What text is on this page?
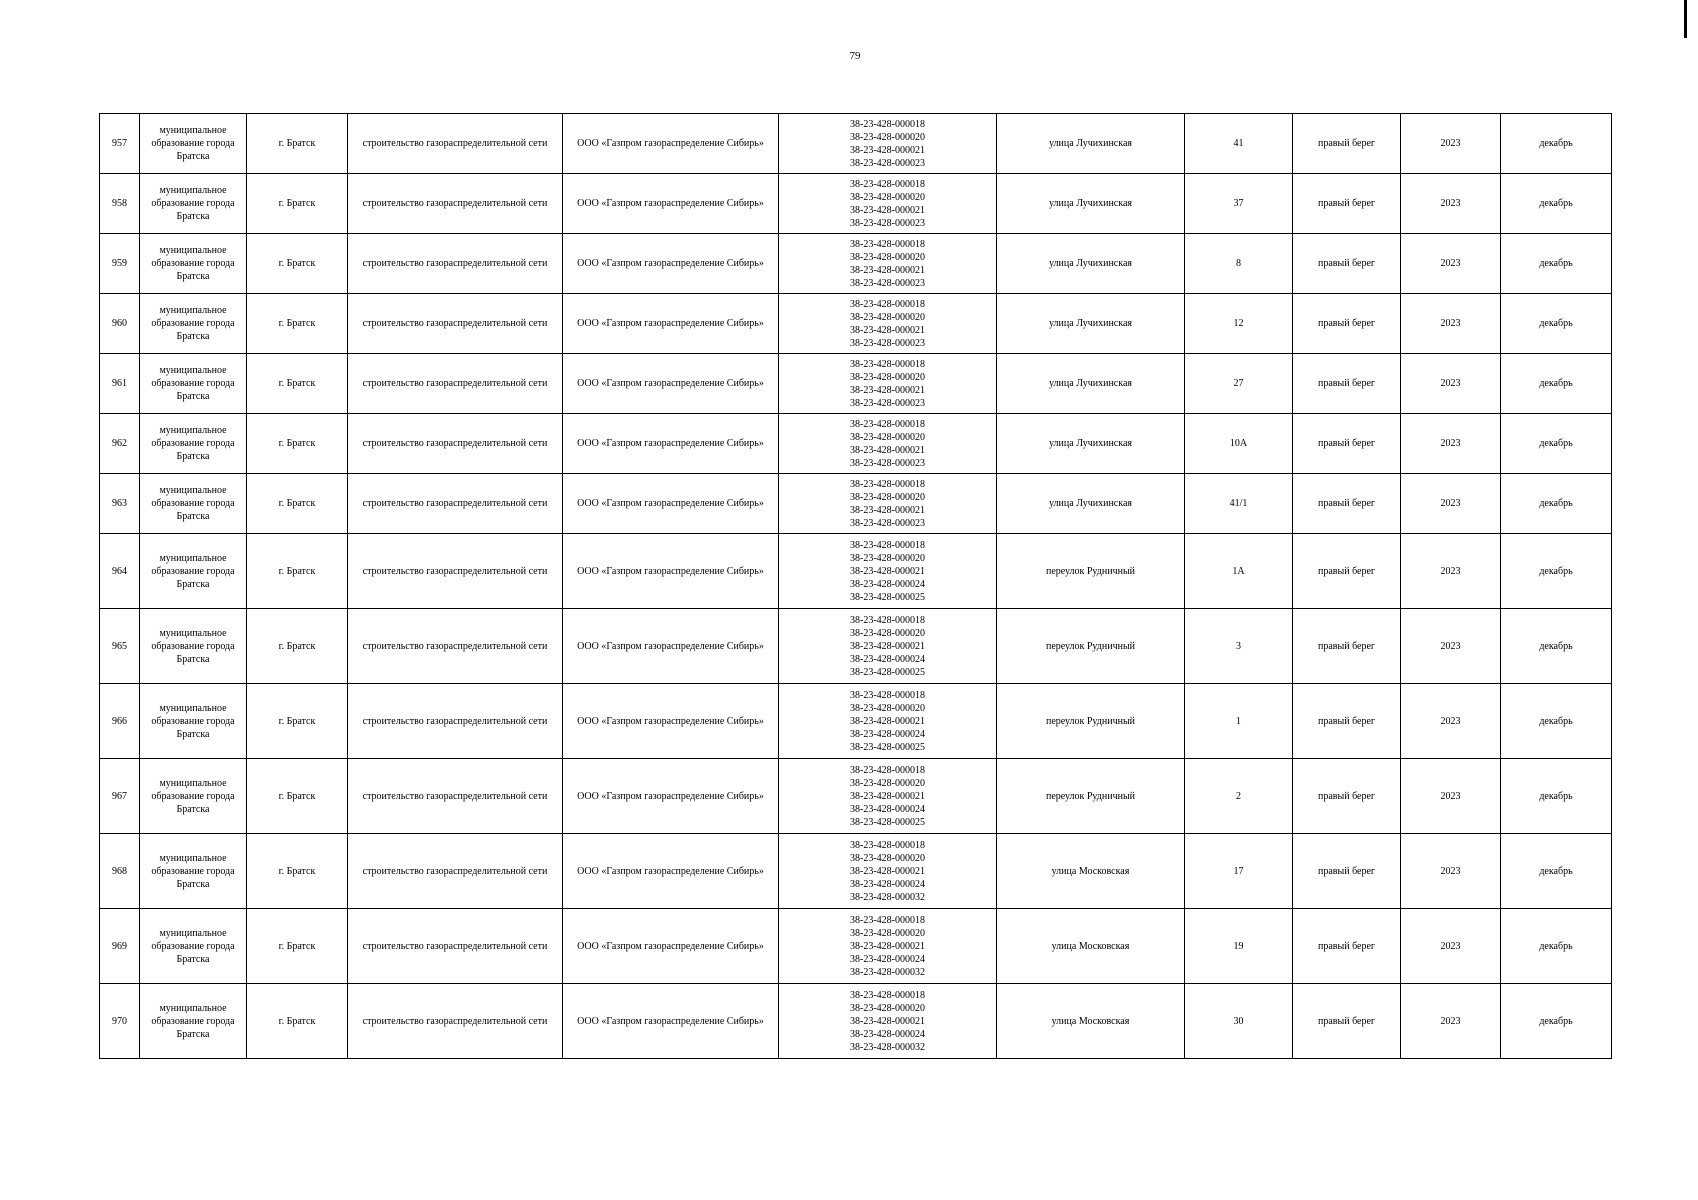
79
957	муниципальное образование города Братска	г. Братск	строительство газораспределительной сети	ООО «Газпром газораспределение Сибирь»	38-23-428-000018
38-23-428-000020
38-23-428-000021
38-23-428-000023	улица Лучихинская	41	правый берег	2023	декабрь
958	муниципальное образование города Братска	г. Братск	строительство газораспределительной сети	ООО «Газпром газораспределение Сибирь»	38-23-428-000018
38-23-428-000020
38-23-428-000021
38-23-428-000023	улица Лучихинская	37	правый берег	2023	декабрь
959	муниципальное образование города Братска	г. Братск	строительство газораспределительной сети	ООО «Газпром газораспределение Сибирь»	38-23-428-000018
38-23-428-000020
38-23-428-000021
38-23-428-000023	улица Лучихинская	8	правый берег	2023	декабрь
960	муниципальное образование города Братска	г. Братск	строительство газораспределительной сети	ООО «Газпром газораспределение Сибирь»	38-23-428-000018
38-23-428-000020
38-23-428-000021
38-23-428-000023	улица Лучихинская	12	правый берег	2023	декабрь
961	муниципальное образование города Братска	г. Братск	строительство газораспределительной сети	ООО «Газпром газораспределение Сибирь»	38-23-428-000018
38-23-428-000020
38-23-428-000021
38-23-428-000023	улица Лучихинская	27	правый берег	2023	декабрь
962	муниципальное образование города Братска	г. Братск	строительство газораспределительной сети	ООО «Газпром газораспределение Сибирь»	38-23-428-000018
38-23-428-000020
38-23-428-000021
38-23-428-000023	улица Лучихинская	10А	правый берег	2023	декабрь
963	муниципальное образование города Братска	г. Братск	строительство газораспределительной сети	ООО «Газпром газораспределение Сибирь»	38-23-428-000018
38-23-428-000020
38-23-428-000021
38-23-428-000023	улица Лучихинская	41/1	правый берег	2023	декабрь
964	муниципальное образование города Братска	г. Братск	строительство газораспределительной сети	ООО «Газпром газораспределение Сибирь»	38-23-428-000018
38-23-428-000020
38-23-428-000021
38-23-428-000024
38-23-428-000025	переулок Рудничный	1А	правый берег	2023	декабрь
965	муниципальное образование города Братска	г. Братск	строительство газораспределительной сети	ООО «Газпром газораспределение Сибирь»	38-23-428-000018
38-23-428-000020
38-23-428-000021
38-23-428-000024
38-23-428-000025	переулок Рудничный	3	правый берег	2023	декабрь
966	муниципальное образование города Братска	г. Братск	строительство газораспределительной сети	ООО «Газпром газораспределение Сибирь»	38-23-428-000018
38-23-428-000020
38-23-428-000021
38-23-428-000024
38-23-428-000025	переулок Рудничный	1	правый берег	2023	декабрь
967	муниципальное образование города Братска	г. Братск	строительство газораспределительной сети	ООО «Газпром газораспределение Сибирь»	38-23-428-000018
38-23-428-000020
38-23-428-000021
38-23-428-000024
38-23-428-000025	переулок Рудничный	2	правый берег	2023	декабрь
968	муниципальное образование города Братска	г. Братск	строительство газораспределительной сети	ООО «Газпром газораспределение Сибирь»	38-23-428-000018
38-23-428-000020
38-23-428-000021
38-23-428-000024
38-23-428-000032	улица Московская	17	правый берег	2023	декабрь
969	муниципальное образование города Братска	г. Братск	строительство газораспределительной сети	ООО «Газпром газораспределение Сибирь»	38-23-428-000018
38-23-428-000020
38-23-428-000021
38-23-428-000024
38-23-428-000032	улица Московская	19	правый берег	2023	декабрь
970	муниципальное образование города Братска	г. Братск	строительство газораспределительной сети	ООО «Газпром газораспределение Сибирь»	38-23-428-000018
38-23-428-000020
38-23-428-000021
38-23-428-000024
38-23-428-000032	улица Московская	30	правый берег	2023	декабрь
